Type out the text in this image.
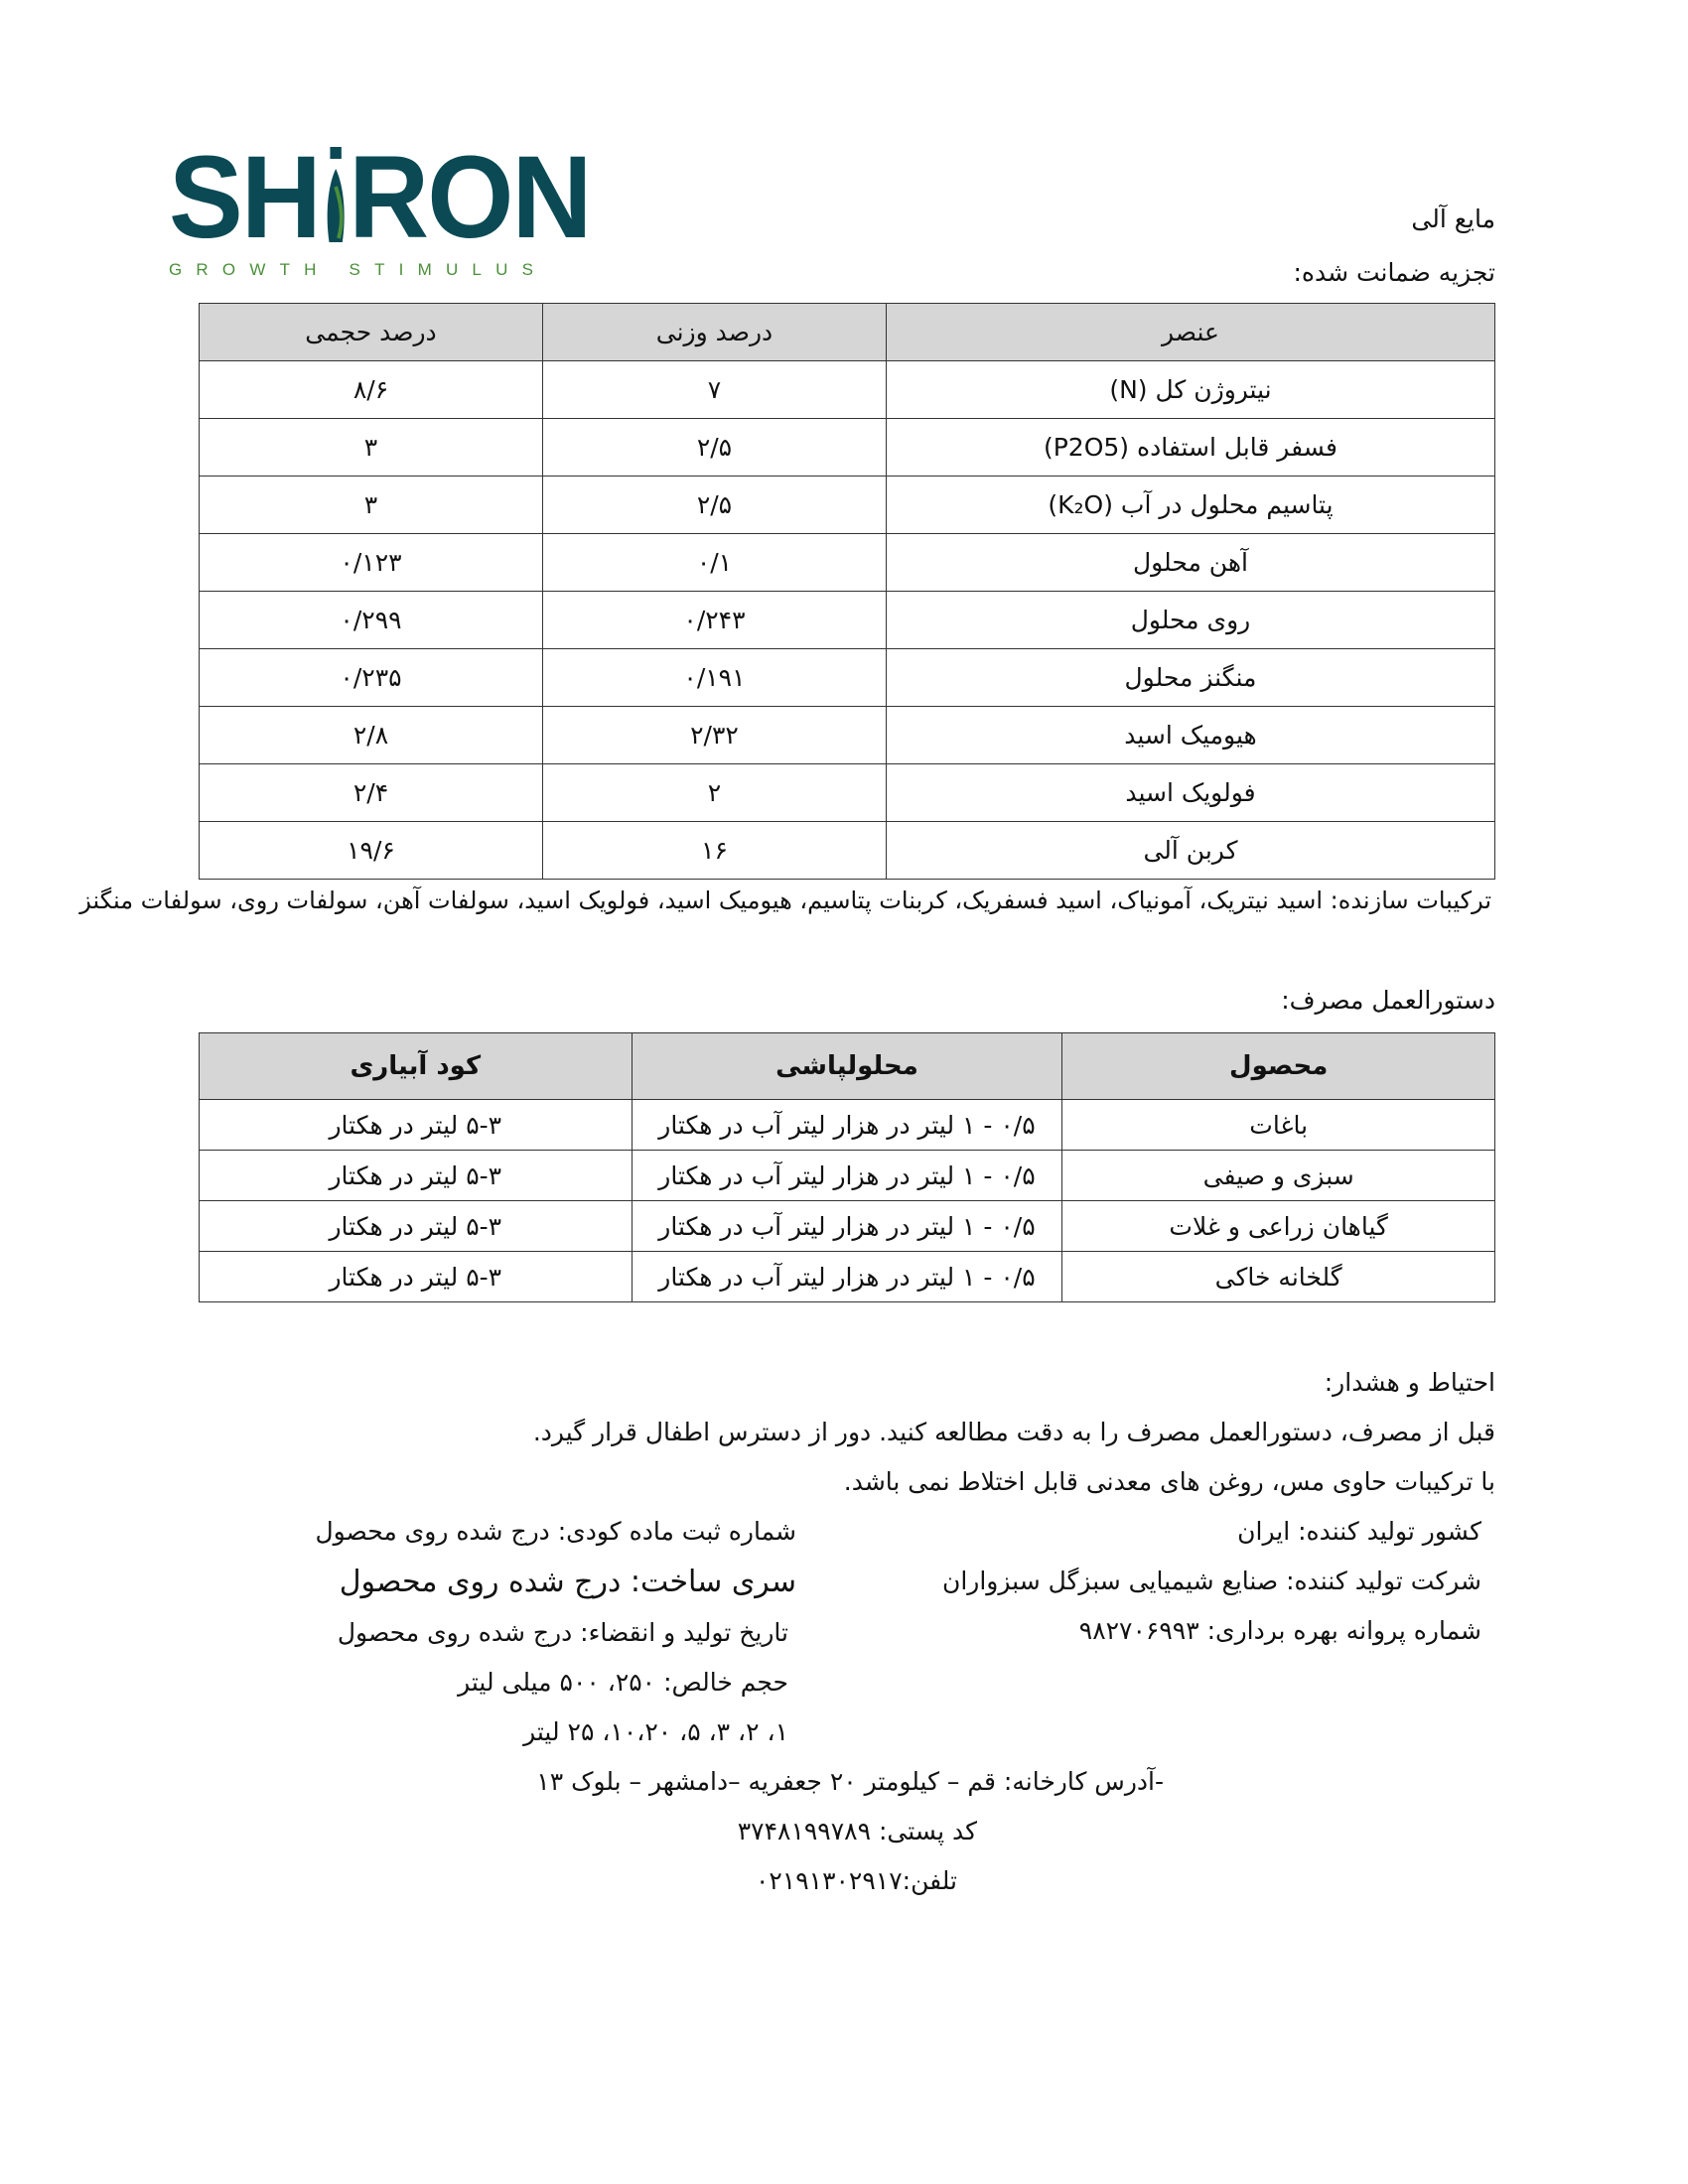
SH RON
GROWTH STIMULUS
مایع آلی
تجزیه ضمانت شده:
عنصر	درصد وزنی	درصد حجمی
نیتروژن کل (N)	۷	۸/۶
فسفر قابل استفاده (P2O5)	۲/۵	۳
پتاسیم محلول در آب (K₂O)	۲/۵	۳
آهن محلول	۰/۱	۰/۱۲۳
روی محلول	۰/۲۴۳	۰/۲۹۹
منگنز محلول	۰/۱۹۱	۰/۲۳۵
هیومیک اسید	۲/۳۲	۲/۸
فولویک اسید	۲	۲/۴
کربن آلی	۱۶	۱۹/۶
ترکیبات سازنده: اسید نیتریک، آمونیاک، اسید فسفریک، کربنات پتاسیم، هیومیک اسید، فولویک اسید، سولفات آهن، سولفات روی، سولفات منگنز
دستورالعمل مصرف:
محصول	محلولپاشی	کود آبیاری
باغات	۰/۵ - ۱ لیتر در هزار لیتر آب در هکتار	۵-۳ لیتر در هکتار
سبزی و صیفی	۰/۵ - ۱ لیتر در هزار لیتر آب در هکتار	۵-۳ لیتر در هکتار
گیاهان زراعی و غلات	۰/۵ - ۱ لیتر در هزار لیتر آب در هکتار	۵-۳ لیتر در هکتار
گلخانه خاکی	۰/۵ - ۱ لیتر در هزار لیتر آب در هکتار	۵-۳ لیتر در هکتار
احتیاط و هشدار:
قبل از مصرف، دستورالعمل مصرف را به دقت مطالعه کنید. دور از دسترس اطفال قرار گیرد.
با ترکیبات حاوی مس، روغن های معدنی قابل اختلاط نمی باشد.
کشور تولید کننده: ایران
شرکت تولید کننده: صنایع شیمیایی سبزگل سبزواران
شماره پروانه بهره برداری: ۹۸۲۷۰۶۹۹۳
شماره ثبت ماده کودی: درج شده روی محصول
سری ساخت: درج شده روی محصول
تاریخ تولید و انقضاء: درج شده روی محصول
حجم خالص: ۲۵۰، ۵۰۰ میلی لیتر
۱، ۲، ۳، ۵، ۱۰،۲۰، ۲۵ لیتر
-آدرس کارخانه: قم – کیلومتر ۲۰ جعفریه –دامشهر – بلوک ۱۳
کد پستی: ۳۷۴۸۱۹۹۷۸۹
تلفن:۰۲۱۹۱۳۰۲۹۱۷
